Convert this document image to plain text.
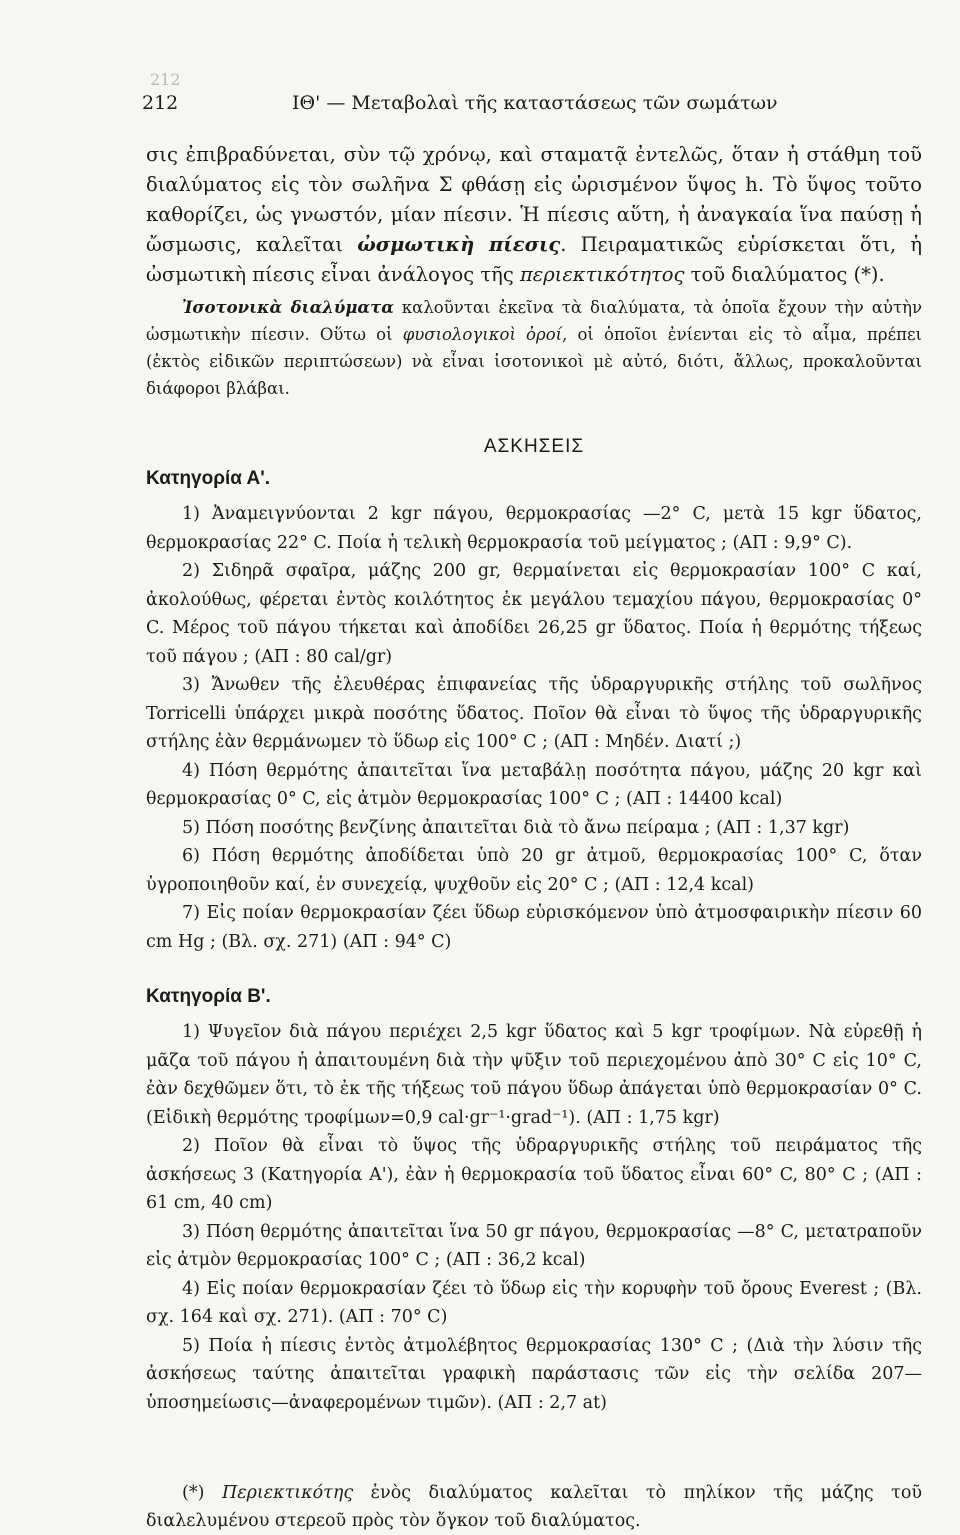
212
212	ΙΘ' — Μεταβολαὶ τῆς καταστάσεως τῶν σωμάτων

σις ἐπιβραδύνεται, σὺν τῷ χρόνῳ, καὶ σταματᾷ ἐντελῶς, ὅταν ἡ στάθμη τοῦ διαλύματος εἰς τὸν σωλῆνα Σ φθάσῃ εἰς ὡρισμένον ὕψος h. Τὸ ὕψος τοῦτο καθορίζει, ὡς γνωστόν, μίαν πίεσιν. Ἡ πίεσις αὕτη, ἡ ἀναγκαία ἵνα παύσῃ ἡ ὤσμωσις, καλεῖται ὠσμωτικὴ πίεσις. Πειραματικῶς εὑρίσκεται ὅτι, ἡ ὠσμωτικὴ πίεσις εἶναι ἀνάλογος τῆς περιεκτικότητος τοῦ διαλύματος (*).

Ἰσοτονικὰ διαλύματα καλοῦνται ἐκεῖνα τὰ διαλύματα, τὰ ὁποῖα ἔχουν τὴν αὐτὴν ὠσμωτικὴν πίεσιν. Οὕτω οἱ φυσιολογικοὶ ὀροί, οἱ ὁποῖοι ἐνίενται εἰς τὸ αἷμα, πρέπει (ἐκτὸς εἰδικῶν περιπτώσεων) νὰ εἶναι ἰσοτονικοὶ μὲ αὐτό, διότι, ἄλλως, προκαλοῦνται διάφοροι βλάβαι.

ΑΣΚΗΣΕΙΣ
Κατηγορία Α'.

1) Ἀναμειγνύονται 2 kgr πάγου, θερμοκρασίας —2° C, μετὰ 15 kgr ὕδατος, θερμοκρασίας 22° C. Ποία ἡ τελικὴ θερμοκρασία τοῦ μείγματος ; (ΑΠ : 9,9° C).

2) Σιδηρᾶ σφαῖρα, μάζης 200 gr, θερμαίνεται εἰς θερμοκρασίαν 100° C καί, ἀκολούθως, φέρεται ἐντὸς κοιλότητος ἐκ μεγάλου τεμαχίου πάγου, θερμοκρασίας 0° C. Μέρος τοῦ πάγου τήκεται καὶ ἀποδίδει 26,25 gr ὕδατος. Ποία ἡ θερμότης τήξεως τοῦ πάγου ; (ΑΠ : 80 cal/gr)

3) Ἄνωθεν τῆς ἐλευθέρας ἐπιφανείας τῆς ὑδραργυρικῆς στήλης τοῦ σωλῆνος Torricelli ὑπάρχει μικρὰ ποσότης ὕδατος. Ποῖον θὰ εἶναι τὸ ὕψος τῆς ὑδραργυρικῆς στήλης ἐὰν θερμάνωμεν τὸ ὕδωρ εἰς 100° C ; (ΑΠ : Μηδέν. Διατί ;)

4) Πόση θερμότης ἀπαιτεῖται ἵνα μεταβάλῃ ποσότητα πάγου, μάζης 20 kgr καὶ θερμοκρασίας 0° C, εἰς ἀτμὸν θερμοκρασίας 100° C ; (ΑΠ : 14400 kcal)

5) Πόση ποσότης βενζίνης ἀπαιτεῖται διὰ τὸ ἄνω πείραμα ; (ΑΠ : 1,37 kgr)

6) Πόση θερμότης ἀποδίδεται ὑπὸ 20 gr ἀτμοῦ, θερμοκρασίας 100° C, ὅταν ὑγροποιηθοῦν καί, ἐν συνεχείᾳ, ψυχθοῦν εἰς 20° C ; (ΑΠ : 12,4 kcal)

7) Εἰς ποίαν θερμοκρασίαν ζέει ὕδωρ εὑρισκόμενον ὑπὸ ἀτμοσφαιρικὴν πίεσιν 60 cm Hg ; (Βλ. σχ. 271) (ΑΠ : 94° C)

Κατηγορία Β'.

1) Ψυγεῖον διὰ πάγου περιέχει 2,5 kgr ὕδατος καὶ 5 kgr τροφίμων. Νὰ εὑρεθῇ ἡ μᾶζα τοῦ πάγου ἡ ἀπαιτουμένη διὰ τὴν ψῦξιν τοῦ περιεχομένου ἀπὸ 30° C εἰς 10° C, ἐὰν δεχθῶμεν ὅτι, τὸ ἐκ τῆς τήξεως τοῦ πάγου ὕδωρ ἀπάγεται ὑπὸ θερμοκρασίαν 0° C. (Εἰδικὴ θερμότης τροφίμων=0,9 cal·gr⁻¹·grad⁻¹). (ΑΠ : 1,75 kgr)

2) Ποῖον θὰ εἶναι τὸ ὕψος τῆς ὑδραργυρικῆς στήλης τοῦ πειράματος τῆς ἀσκήσεως 3 (Κατηγορία Α'), ἐὰν ἡ θερμοκρασία τοῦ ὕδατος εἶναι 60° C, 80° C ; (ΑΠ : 61 cm, 40 cm)

3) Πόση θερμότης ἀπαιτεῖται ἵνα 50 gr πάγου, θερμοκρασίας —8° C, μετατραποῦν εἰς ἀτμὸν θερμοκρασίας 100° C ; (ΑΠ : 36,2 kcal)

4) Εἰς ποίαν θερμοκρασίαν ζέει τὸ ὕδωρ εἰς τὴν κορυφὴν τοῦ ὄρους Everest ; (Βλ. σχ. 164 καὶ σχ. 271). (ΑΠ : 70° C)

5) Ποία ἡ πίεσις ἐντὸς ἀτμολέβητος θερμοκρασίας 130° C ; (Διὰ τὴν λύσιν τῆς ἀσκήσεως ταύτης ἀπαιτεῖται γραφικὴ παράστασις τῶν εἰς τὴν σελίδα 207—ὑποσημείωσις—ἀναφερομένων τιμῶν). (ΑΠ : 2,7 at)

(*) Περιεκτικότης ἑνὸς διαλύματος καλεῖται τὸ πηλίκον τῆς μάζης τοῦ διαλελυμένου στερεοῦ πρὸς τὸν ὄγκον τοῦ διαλύματος.
